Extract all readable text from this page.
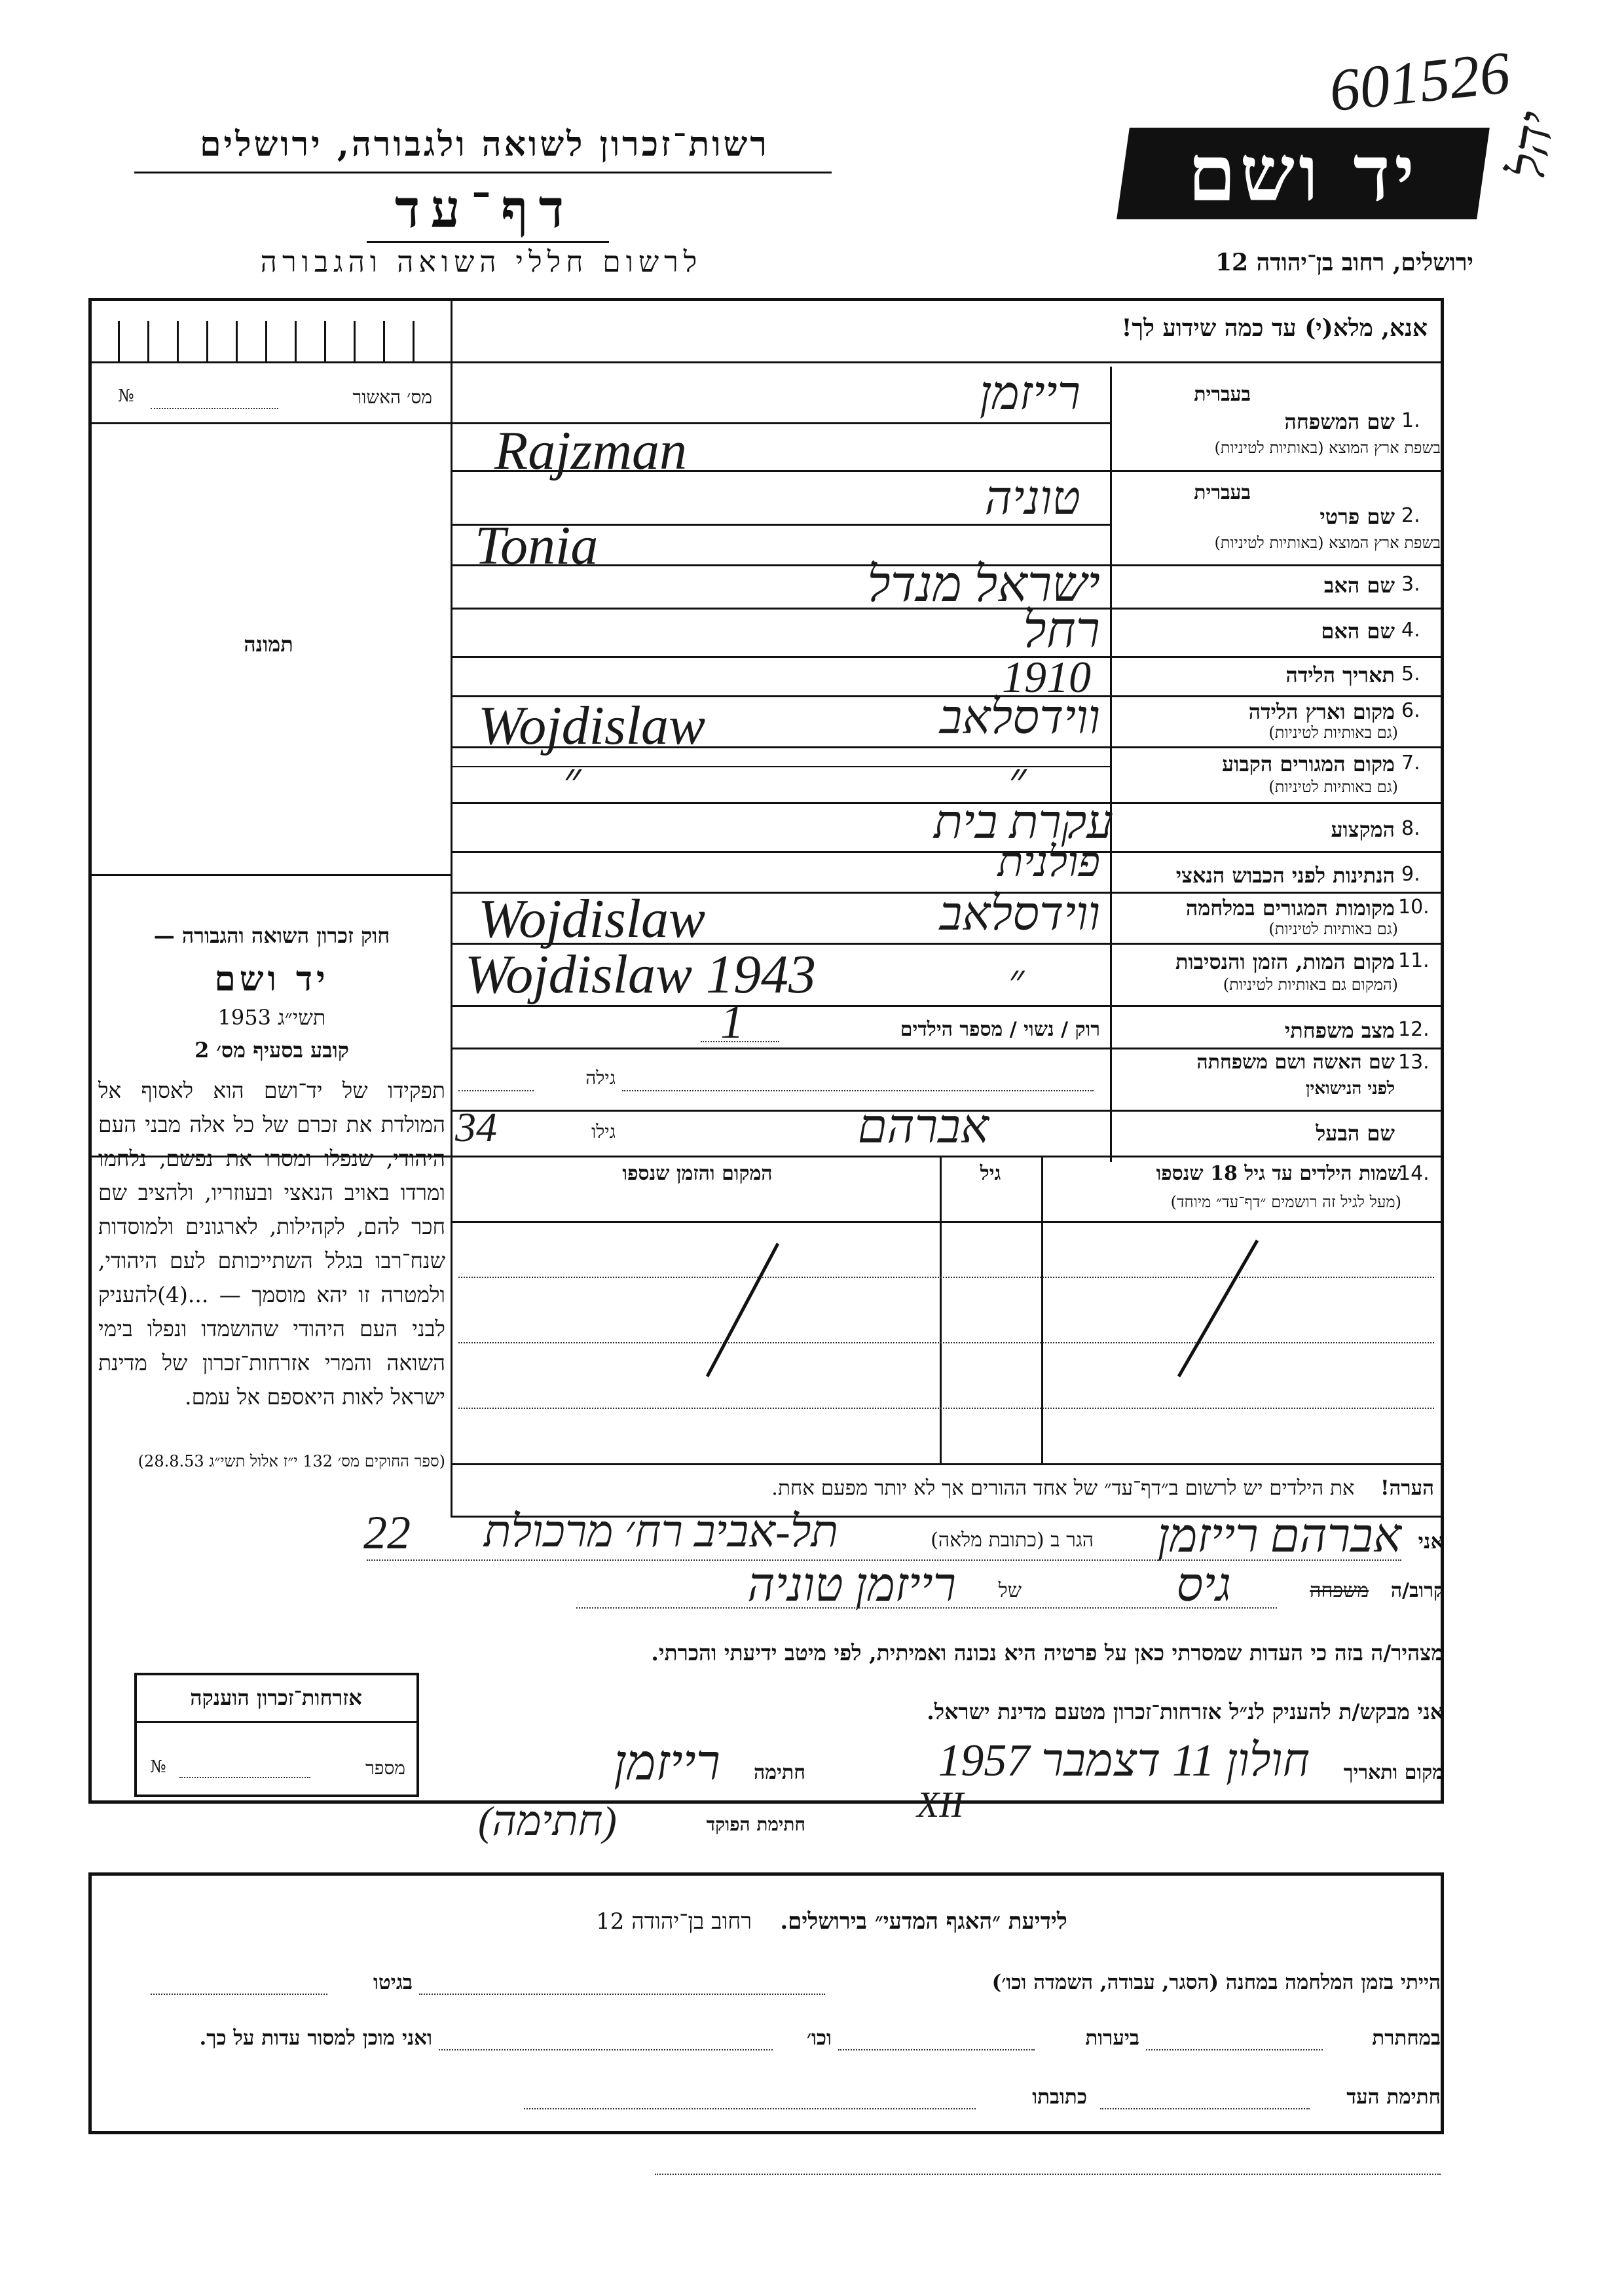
601526
יהל
יד ושם
רשות־זכרון לשואה ולגבורה, ירושלים
דף־עד
לרשום חללי השואה והגבורה	ירושלים, רחוב בן־יהודה 12
אנא, מלא(י) עד כמה שידוע לך!
מס׳ האשור
№
תמונה
חוק זכרון השואה והגבורה —
יד ושם
תשי״ג 1953
קובע בסעיף מס׳ 2
תפקידו של יד־ושם הוא לאסוף אל המולדת את זכרם של כל אלה מבני העם היהודי, שנפלו ומסרו את נפשם, נלחמו ומרדו באויב הנאצי ובעוזריו, ולהציב שם חכר להם, לקהילות, לארגונים ולמוסדות שנח־רבו בגלל השתייכותם לעם היהודי, ולמטרה זו יהא מוסמך — ...(4)להעניק לבני העם היהודי שהושמדו ונפלו בימי השואה והמרי אזרחות־זכרון של מדינת ישראל לאות היאספם אל עמם.
(ספר החוקים מס׳ 132 י״ז אלול תשי״ג 28.8.53)
בעברית
שם המשפחה 1.
בשפת ארץ המוצא (באותיות לטיניות)
רייזמן
Rajzman
בעברית
שם פרטי 2.
בשפת ארץ המוצא (באותיות לטיניות)
טוניה
Tonia
שם האב 3.
ישראל מנדל
שם האם 4.
רחל
תאריך הלידה 5.
1910
מקום וארץ הלידה 6.
(גם באותיות לטיניות)
Wojdislaw	ווידסלאב
מקום המגורים הקבוע 7.
(גם באותיות לטיניות)
״	״
המקצוע 8.
עקרת בית
הנתינות לפני הכבוש הנאצי 9.
פולנית
מקומות המגורים במלחמה 10.
(גם באותיות לטיניות)
Wojdislaw	ווידסלאב
מקום המות, הזמן והנסיבות 11.
(המקום גם באותיות לטיניות)
Wojdislaw 1943	״
מצב משפחתי 12.
רוק / נשוי / מספר הילדים
1
שם האשה ושם משפחתה 13.
לפני הנישואין
גילה
שם הבעל
גילו
34	אברהם
שמות הילדים עד גיל 18 שנספו
14.
(מעל לגיל זה רושמים ״דף־עד״ מיוחד)
גיל
המקום והזמן שנספו
הערה!    את הילדים יש לרשום ב״דף־עד״ של אחד ההורים אך לא יותר מפעם אחת.
אני
אברהם רייזמן
הגר ב (כתובת מלאה)
תל-אביב רח׳ מרכולת
22
קרוב/ה
משפחה
גיס
של
רייזמן טוניה
מצהיר/ה בזה כי העדות שמסרתי כאן על פרטיה היא נכונה ואמיתית, לפי מיטב ידיעתי והכרתי.
אני מבקש/ת להעניק לנ״ל אזרחות־זכרון מטעם מדינת ישראל.
מקום ותאריך
חולון 11 דצמבר 1957
XII
חתימה
רייזמן
חתימת הפוקד
(חתימה)
אזרחות־זכרון הוענקה
מספר
№
לידיעת ״האגף המדעי״ בירושלים.    רחוב בן־יהודה 12
הייתי בזמן המלחמה במחנה (הסגר, עבודה, השמדה וכו׳)
בגיטו
במחתרת
ביערות
וכו׳
ואני מוכן למסור עדות על כך.
חתימת העד
כתובתו
